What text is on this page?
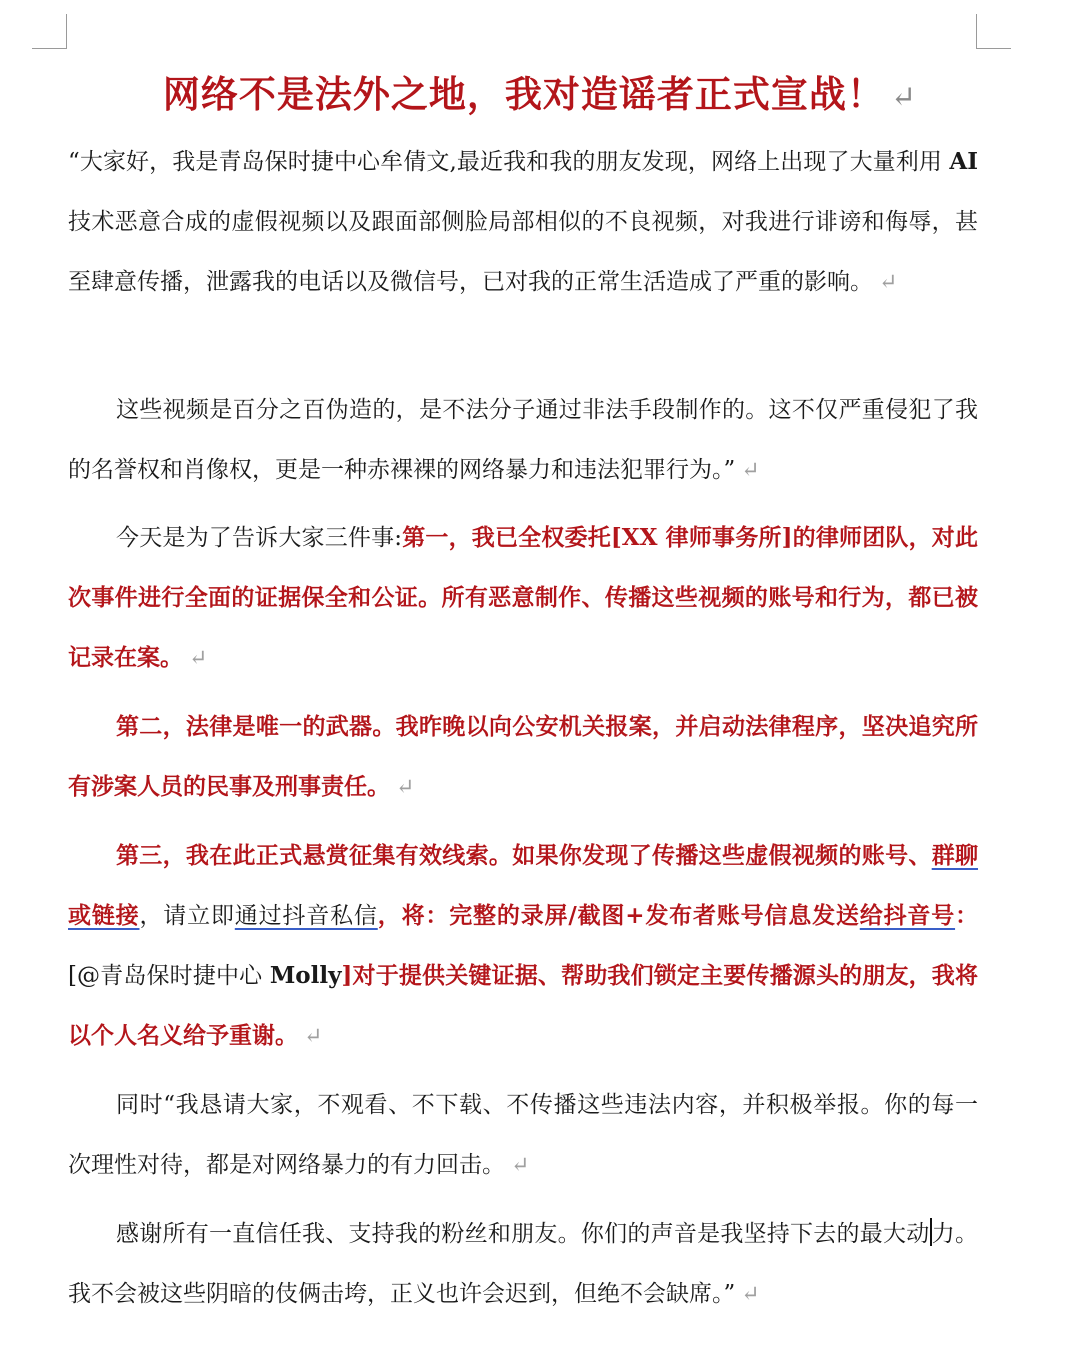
网络不是法外之地，我对造谣者正式宣战！ ↵

“大家好，我是青岛保时捷中心牟倩文,最近我和我的朋友发现，网络上出现了大量利用 AI 技术恶意合成的虚假视频以及跟面部侧脸局部相似的不良视频，对我进行诽谤和侮辱，甚至肆意传播，泄露我的电话以及微信号，已对我的正常生活造成了严重的影响。 ↵

这些视频是百分之百伪造的，是不法分子通过非法手段制作的。这不仅严重侵犯了我的名誉权和肖像权，更是一种赤裸裸的网络暴力和违法犯罪行为。” ↵

今天是为了告诉大家三件事:第一，我已全权委托[XX 律师事务所]的律师团队，对此次事件进行全面的证据保全和公证。所有恶意制作、传播这些视频的账号和行为，都已被记录在案。 ↵

第二，法律是唯一的武器。我昨晚以向公安机关报案，并启动法律程序，坚决追究所有涉案人员的民事及刑事责任。 ↵

第三，我在此正式悬赏征集有效线索。如果你发现了传播这些虚假视频的账号、群聊或链接，请立即通过抖音私信，将：完整的录屏/截图+发布者账号信息发送给抖音号：[@青岛保时捷中心 Molly]对于提供关键证据、帮助我们锁定主要传播源头的朋友，我将以个人名义给予重谢。 ↵

同时“我恳请大家，不观看、不下载、不传播这些违法内容，并积极举报。你的每一次理性对待，都是对网络暴力的有力回击。 ↵

感谢所有一直信任我、支持我的粉丝和朋友。你们的声音是我坚持下去的最大动力。我不会被这些阴暗的伎俩击垮，正义也许会迟到，但绝不会缺席。” ↵
